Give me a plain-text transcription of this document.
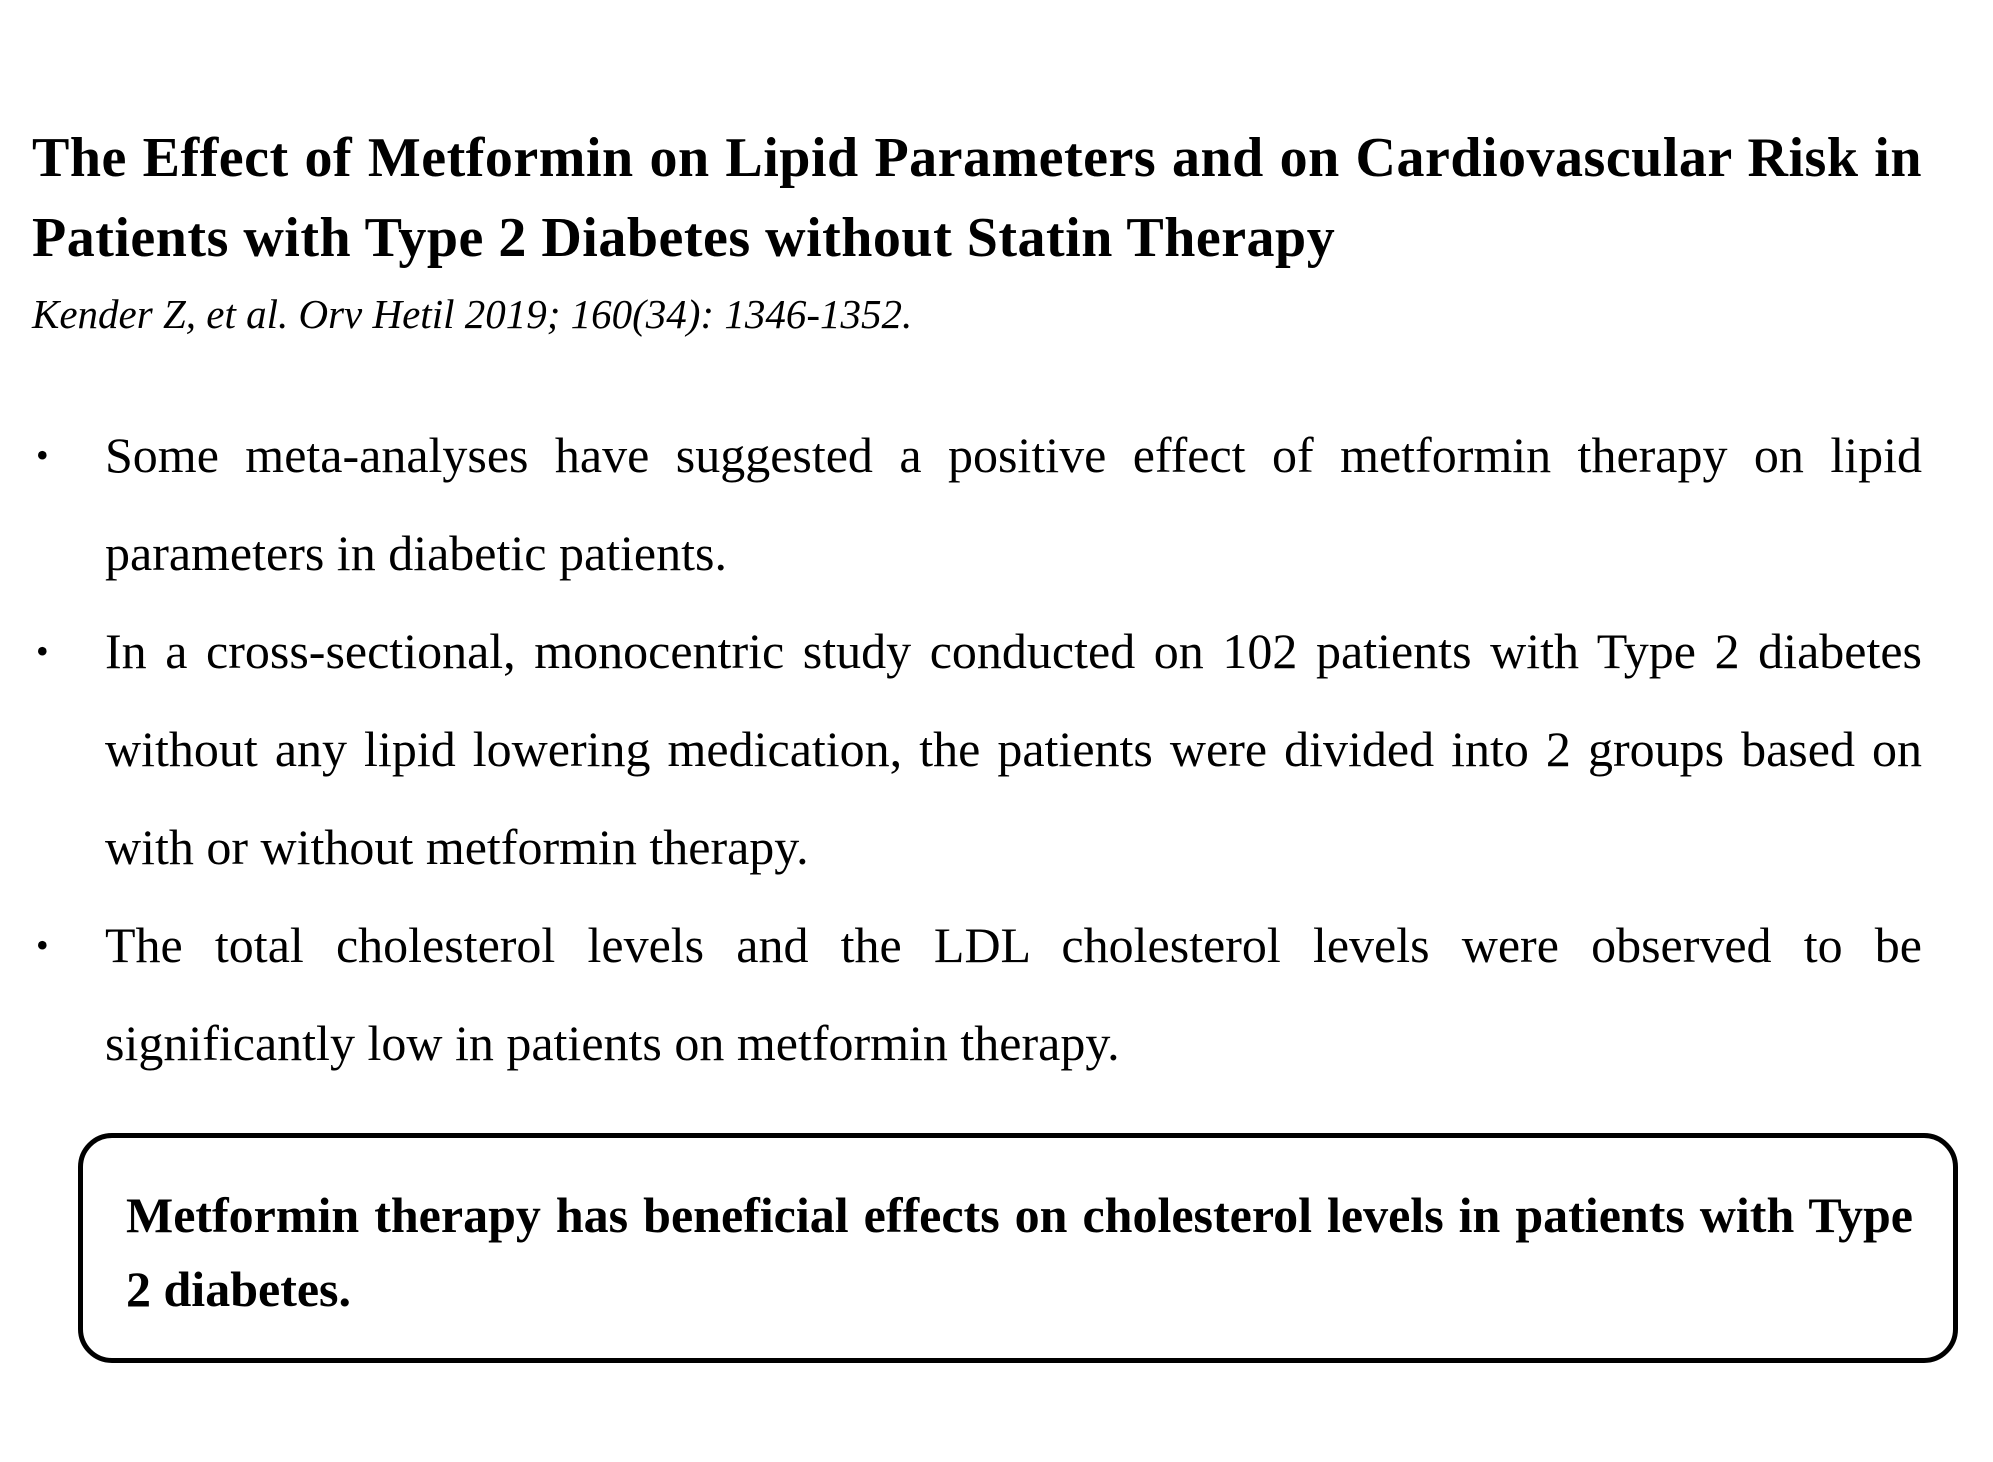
The Effect of Metformin on Lipid Parameters and on Cardiovascular Risk in Patients with Type 2 Diabetes without Statin Therapy

Kender Z, et al. Orv Hetil 2019; 160(34): 1346-1352.

•	Some meta-analyses have suggested a positive effect of metformin therapy on lipid parameters in diabetic patients.
•	In a cross-sectional, monocentric study conducted on 102 patients with Type 2 diabetes without any lipid lowering medication, the patients were divided into 2 groups based on with or without metformin therapy.
•	The total cholesterol levels and the LDL cholesterol levels were observed to be significantly low in patients on metformin therapy.

Metformin therapy has beneficial effects on cholesterol levels in patients with Type 2 diabetes.
